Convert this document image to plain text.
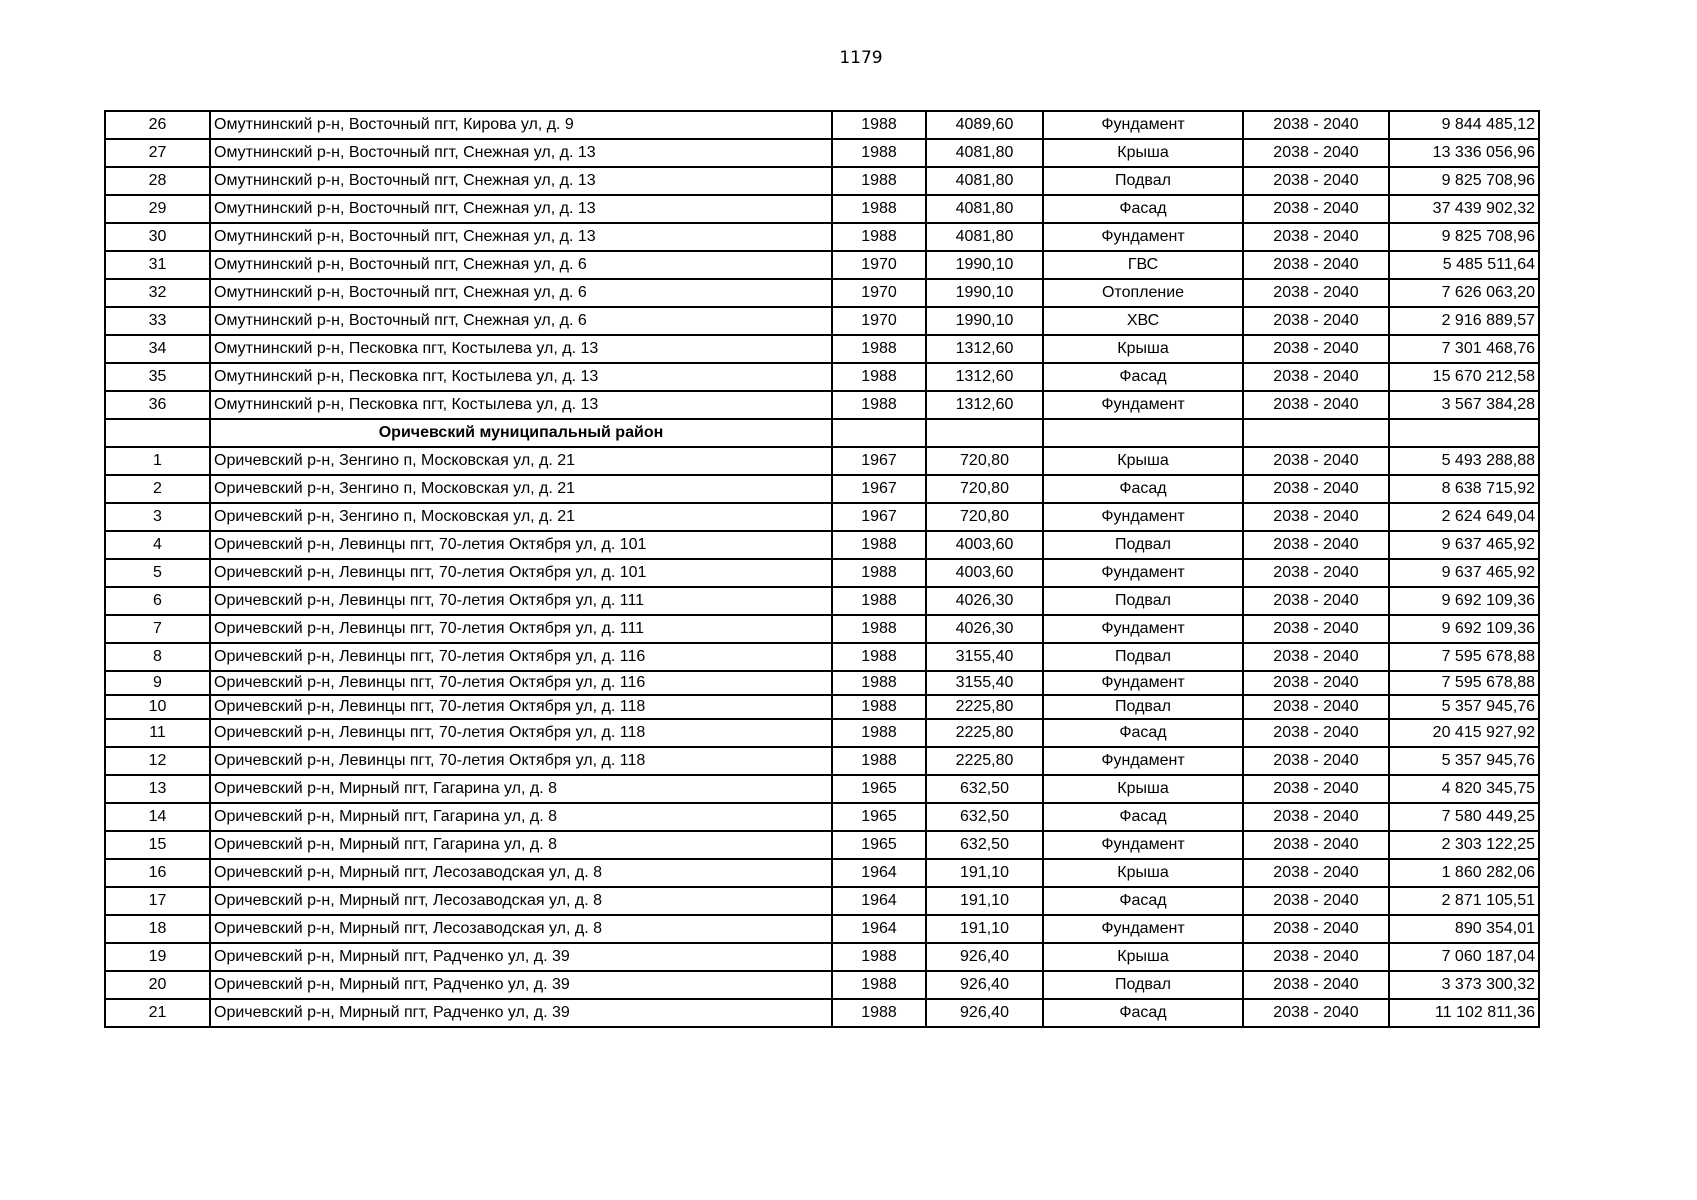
1179
26	Омутнинский р-н, Восточный пгт, Кирова ул, д. 9	1988	4089,60	Фундамент	2038 - 2040	9 844 485,12
27	Омутнинский р-н, Восточный пгт, Снежная ул, д. 13	1988	4081,80	Крыша	2038 - 2040	13 336 056,96
28	Омутнинский р-н, Восточный пгт, Снежная ул, д. 13	1988	4081,80	Подвал	2038 - 2040	9 825 708,96
29	Омутнинский р-н, Восточный пгт, Снежная ул, д. 13	1988	4081,80	Фасад	2038 - 2040	37 439 902,32
30	Омутнинский р-н, Восточный пгт, Снежная ул, д. 13	1988	4081,80	Фундамент	2038 - 2040	9 825 708,96
31	Омутнинский р-н, Восточный пгт, Снежная ул, д. 6	1970	1990,10	ГВС	2038 - 2040	5 485 511,64
32	Омутнинский р-н, Восточный пгт, Снежная ул, д. 6	1970	1990,10	Отопление	2038 - 2040	7 626 063,20
33	Омутнинский р-н, Восточный пгт, Снежная ул, д. 6	1970	1990,10	ХВС	2038 - 2040	2 916 889,57
34	Омутнинский р-н, Песковка пгт, Костылева ул, д. 13	1988	1312,60	Крыша	2038 - 2040	7 301 468,76
35	Омутнинский р-н, Песковка пгт, Костылева ул, д. 13	1988	1312,60	Фасад	2038 - 2040	15 670 212,58
36	Омутнинский р-н, Песковка пгт, Костылева ул, д. 13	1988	1312,60	Фундамент	2038 - 2040	3 567 384,28
	Оричевский муниципальный район					
1	Оричевский р-н, Зенгино п, Московская ул, д. 21	1967	720,80	Крыша	2038 - 2040	5 493 288,88
2	Оричевский р-н, Зенгино п, Московская ул, д. 21	1967	720,80	Фасад	2038 - 2040	8 638 715,92
3	Оричевский р-н, Зенгино п, Московская ул, д. 21	1967	720,80	Фундамент	2038 - 2040	2 624 649,04
4	Оричевский р-н, Левинцы пгт, 70-летия Октября ул, д. 101	1988	4003,60	Подвал	2038 - 2040	9 637 465,92
5	Оричевский р-н, Левинцы пгт, 70-летия Октября ул, д. 101	1988	4003,60	Фундамент	2038 - 2040	9 637 465,92
6	Оричевский р-н, Левинцы пгт, 70-летия Октября ул, д. 111	1988	4026,30	Подвал	2038 - 2040	9 692 109,36
7	Оричевский р-н, Левинцы пгт, 70-летия Октября ул, д. 111	1988	4026,30	Фундамент	2038 - 2040	9 692 109,36
8	Оричевский р-н, Левинцы пгт, 70-летия Октября ул, д. 116	1988	3155,40	Подвал	2038 - 2040	7 595 678,88
9	Оричевский р-н, Левинцы пгт, 70-летия Октября ул, д. 116	1988	3155,40	Фундамент	2038 - 2040	7 595 678,88
10	Оричевский р-н, Левинцы пгт, 70-летия Октября ул, д. 118	1988	2225,80	Подвал	2038 - 2040	5 357 945,76
11	Оричевский р-н, Левинцы пгт, 70-летия Октября ул, д. 118	1988	2225,80	Фасад	2038 - 2040	20 415 927,92
12	Оричевский р-н, Левинцы пгт, 70-летия Октября ул, д. 118	1988	2225,80	Фундамент	2038 - 2040	5 357 945,76
13	Оричевский р-н, Мирный пгт, Гагарина ул, д. 8	1965	632,50	Крыша	2038 - 2040	4 820 345,75
14	Оричевский р-н, Мирный пгт, Гагарина ул, д. 8	1965	632,50	Фасад	2038 - 2040	7 580 449,25
15	Оричевский р-н, Мирный пгт, Гагарина ул, д. 8	1965	632,50	Фундамент	2038 - 2040	2 303 122,25
16	Оричевский р-н, Мирный пгт, Лесозаводская ул, д. 8	1964	191,10	Крыша	2038 - 2040	1 860 282,06
17	Оричевский р-н, Мирный пгт, Лесозаводская ул, д. 8	1964	191,10	Фасад	2038 - 2040	2 871 105,51
18	Оричевский р-н, Мирный пгт, Лесозаводская ул, д. 8	1964	191,10	Фундамент	2038 - 2040	890 354,01
19	Оричевский р-н, Мирный пгт, Радченко ул, д. 39	1988	926,40	Крыша	2038 - 2040	7 060 187,04
20	Оричевский р-н, Мирный пгт, Радченко ул, д. 39	1988	926,40	Подвал	2038 - 2040	3 373 300,32
21	Оричевский р-н, Мирный пгт, Радченко ул, д. 39	1988	926,40	Фасад	2038 - 2040	11 102 811,36
